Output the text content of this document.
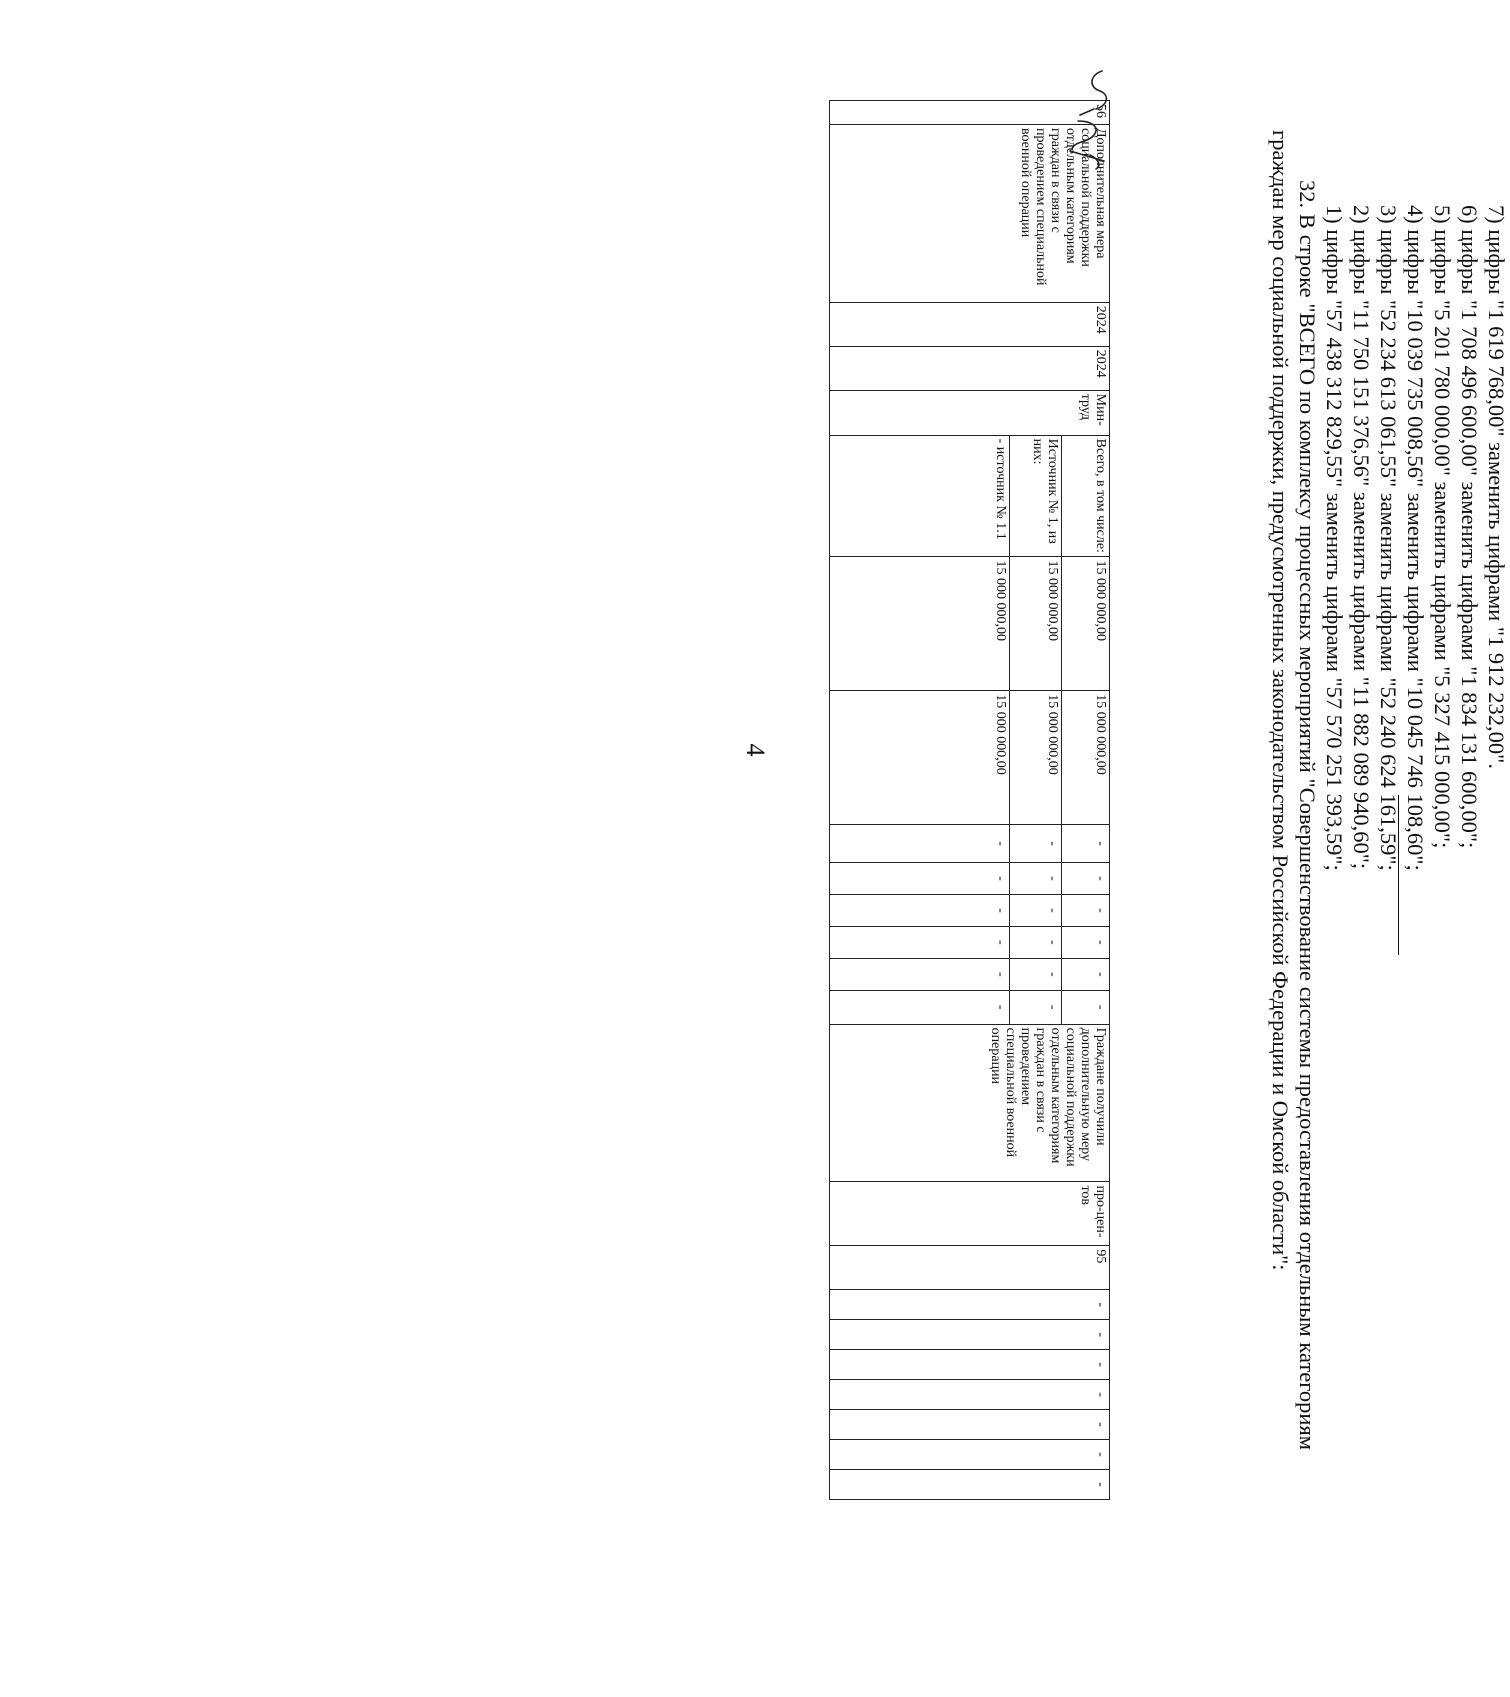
4
56	Дополнительная мера социальной поддержки отдельным категориям граждан в связи с проведением специальной военной операции	2024	2024	Мин-труд	Всего, в том числе:	15 000 000,00	15 000 000,00	-	-	-	-	-	-	Граждане получили дополнительную меру социальной поддержки отдельным категориям граждан в связи с проведением специальной военной операции	про-цен-тов	95	-	-	-	-	-	-	-
					Источник № 1, из них:	15 000 000,00	15 000 000,00	-	-	-	-	-	-										
					- источник № 1.1	15 000 000,00	15 000 000,00	-	-	-	-	-	-										
7) цифры "1 619 768,00" заменить цифрами "1 912 232,00".
6) цифры "1 708 496 600,00" заменить цифрами "1 834 131 600,00";
5) цифры "5 201 780 000,00" заменить цифрами "5 327 415 000,00";
4) цифры "10 039 735 008,56" заменить цифрами "10 045 746 108,60";
3) цифры "52 234 613 061,55" заменить цифрами "52 240 624 161,59";
2) цифры "11 750 151 376,56" заменить цифрами "11 882 089 940,60";
1) цифры "57 438 312 829,55" заменить цифрами "57 570 251 393,59";

32. В строке "ВСЕГО по комплексу процессных мероприятий "Совершенствование системы предоставления отдельным категориям граждан мер социальной поддержки, предусмотренных законодательством Российской Федерации и Омской области":
